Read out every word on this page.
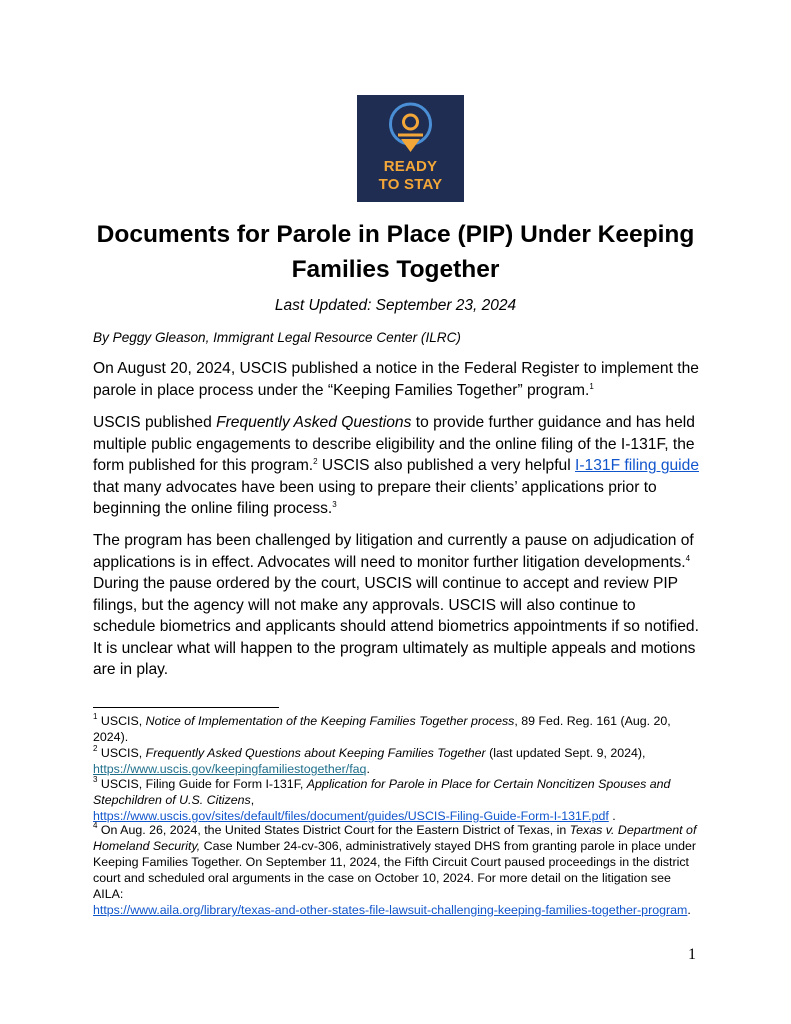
READY
TO STAY
Documents for Parole in Place (PIP) Under Keeping
Families Together
Last Updated: September 23, 2024
By Peggy Gleason, Immigrant Legal Resource Center (ILRC)

On August 20, 2024, USCIS published a notice in the Federal Register to implement the parole in place process under the “Keeping Families Together” program.$^1$

USCIS published Frequently Asked Questions to provide further guidance and has held multiple public engagements to describe eligibility and the online filing of the I-131F, the form published for this program.$^2$ USCIS also published a very helpful I-131F filing guide that many advocates have been using to prepare their clients’ applications prior to beginning the online filing process.$^3$

The program has been challenged by litigation and currently a pause on adjudication of applications is in effect. Advocates will need to monitor further litigation developments.$^4$ During the pause ordered by the court, USCIS will continue to accept and review PIP filings, but the agency will not make any approvals. USCIS will also continue to schedule biometrics and applicants should attend biometrics appointments if so notified. It is unclear what will happen to the program ultimately as multiple appeals and motions are in play.

$^1$ USCIS, Notice of Implementation of the Keeping Families Together process, 89 Fed. Reg. 161 (Aug. 20, 2024).

$^2$ USCIS, Frequently Asked Questions about Keeping Families Together (last updated Sept. 9, 2024),
https://www.uscis.gov/keepingfamiliestogether/faq.

$^3$ USCIS, Filing Guide for Form I-131F, Application for Parole in Place for Certain Noncitizen Spouses and Stepchildren of U.S. Citizens,
https://www.uscis.gov/sites/default/files/document/guides/USCIS-Filing-Guide-Form-I-131F.pdf .

$^4$ On Aug. 26, 2024, the United States District Court for the Eastern District of Texas, in Texas v. Department of Homeland Security, Case Number 24-cv-306, administratively stayed DHS from granting parole in place under Keeping Families Together. On September 11, 2024, the Fifth Circuit Court paused proceedings in the district court and scheduled oral arguments in the case on October 10, 2024. For more detail on the litigation see AILA:
https://www.aila.org/library/texas-and-other-states-file-lawsuit-challenging-keeping-families-together-program.

1
